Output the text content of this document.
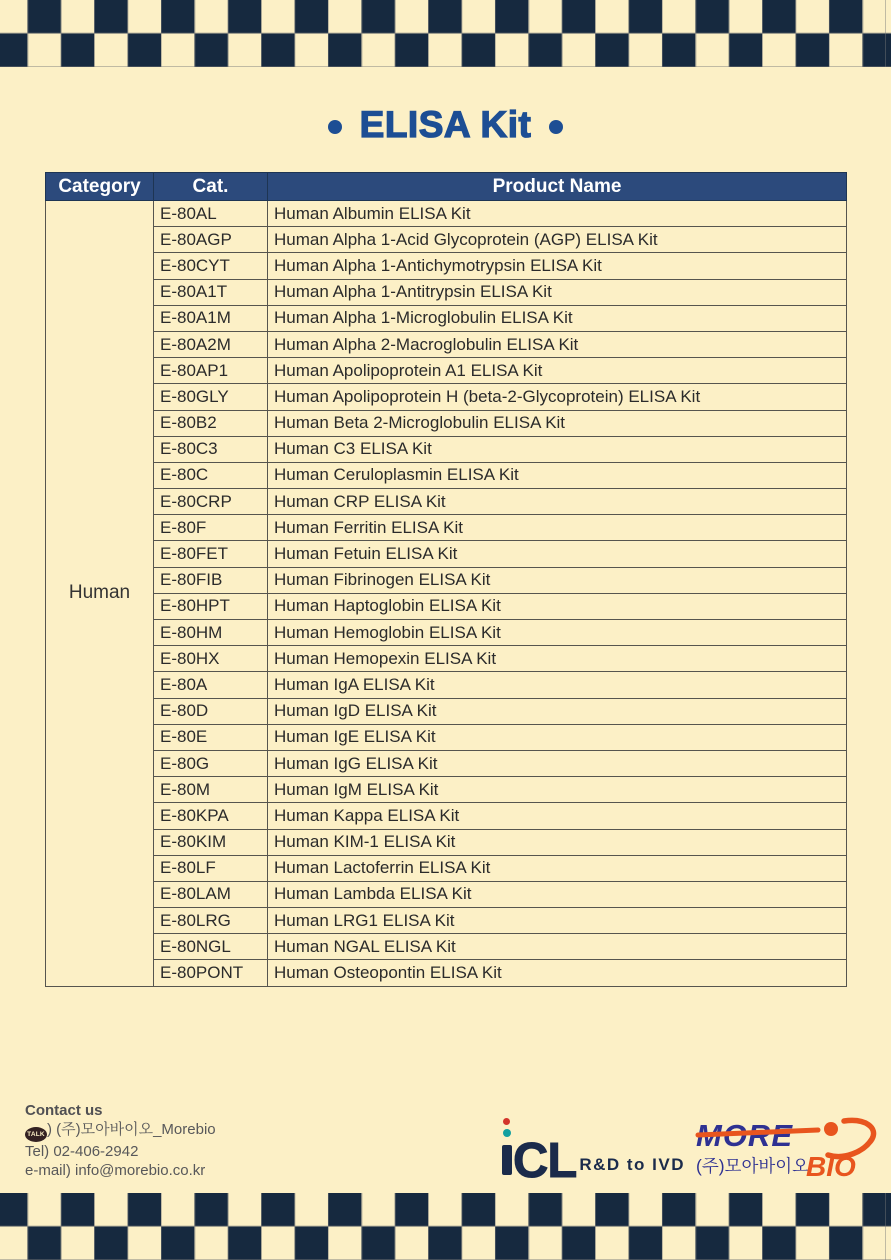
ELISA Kit
Category	Cat.	Product Name
Human	E-80AL	Human Albumin ELISA Kit
	E-80AGP	Human Alpha 1-Acid Glycoprotein (AGP) ELISA Kit
	E-80CYT	Human Alpha 1-Antichymotrypsin ELISA Kit
	E-80A1T	Human Alpha 1-Antitrypsin ELISA Kit
	E-80A1M	Human Alpha 1-Microglobulin ELISA Kit
	E-80A2M	Human Alpha 2-Macroglobulin ELISA Kit
	E-80AP1	Human Apolipoprotein A1 ELISA Kit
	E-80GLY	Human Apolipoprotein H (beta-2-Glycoprotein) ELISA Kit
	E-80B2	Human Beta 2-Microglobulin ELISA Kit
	E-80C3	Human C3 ELISA Kit
	E-80C	Human Ceruloplasmin ELISA Kit
	E-80CRP	Human CRP ELISA Kit
	E-80F	Human Ferritin ELISA Kit
	E-80FET	Human Fetuin ELISA Kit
	E-80FIB	Human Fibrinogen ELISA Kit
	E-80HPT	Human Haptoglobin ELISA Kit
	E-80HM	Human Hemoglobin ELISA Kit
	E-80HX	Human Hemopexin ELISA Kit
	E-80A	Human IgA ELISA Kit
	E-80D	Human IgD ELISA Kit
	E-80E	Human IgE ELISA Kit
	E-80G	Human IgG ELISA Kit
	E-80M	Human IgM ELISA Kit
	E-80KPA	Human Kappa ELISA Kit
	E-80KIM	Human KIM-1 ELISA Kit
	E-80LF	Human Lactoferrin ELISA Kit
	E-80LAM	Human Lambda ELISA Kit
	E-80LRG	Human LRG1 ELISA Kit
	E-80NGL	Human NGAL ELISA Kit
	E-80PONT	Human Osteopontin ELISA Kit
Contact us
TALK ) (주)모아바이오_Morebio
Tel) 02-406-2942
e-mail) info@morebio.co.kr	CL R&D to IVD
MORE
(주)모아바이오
BIO
